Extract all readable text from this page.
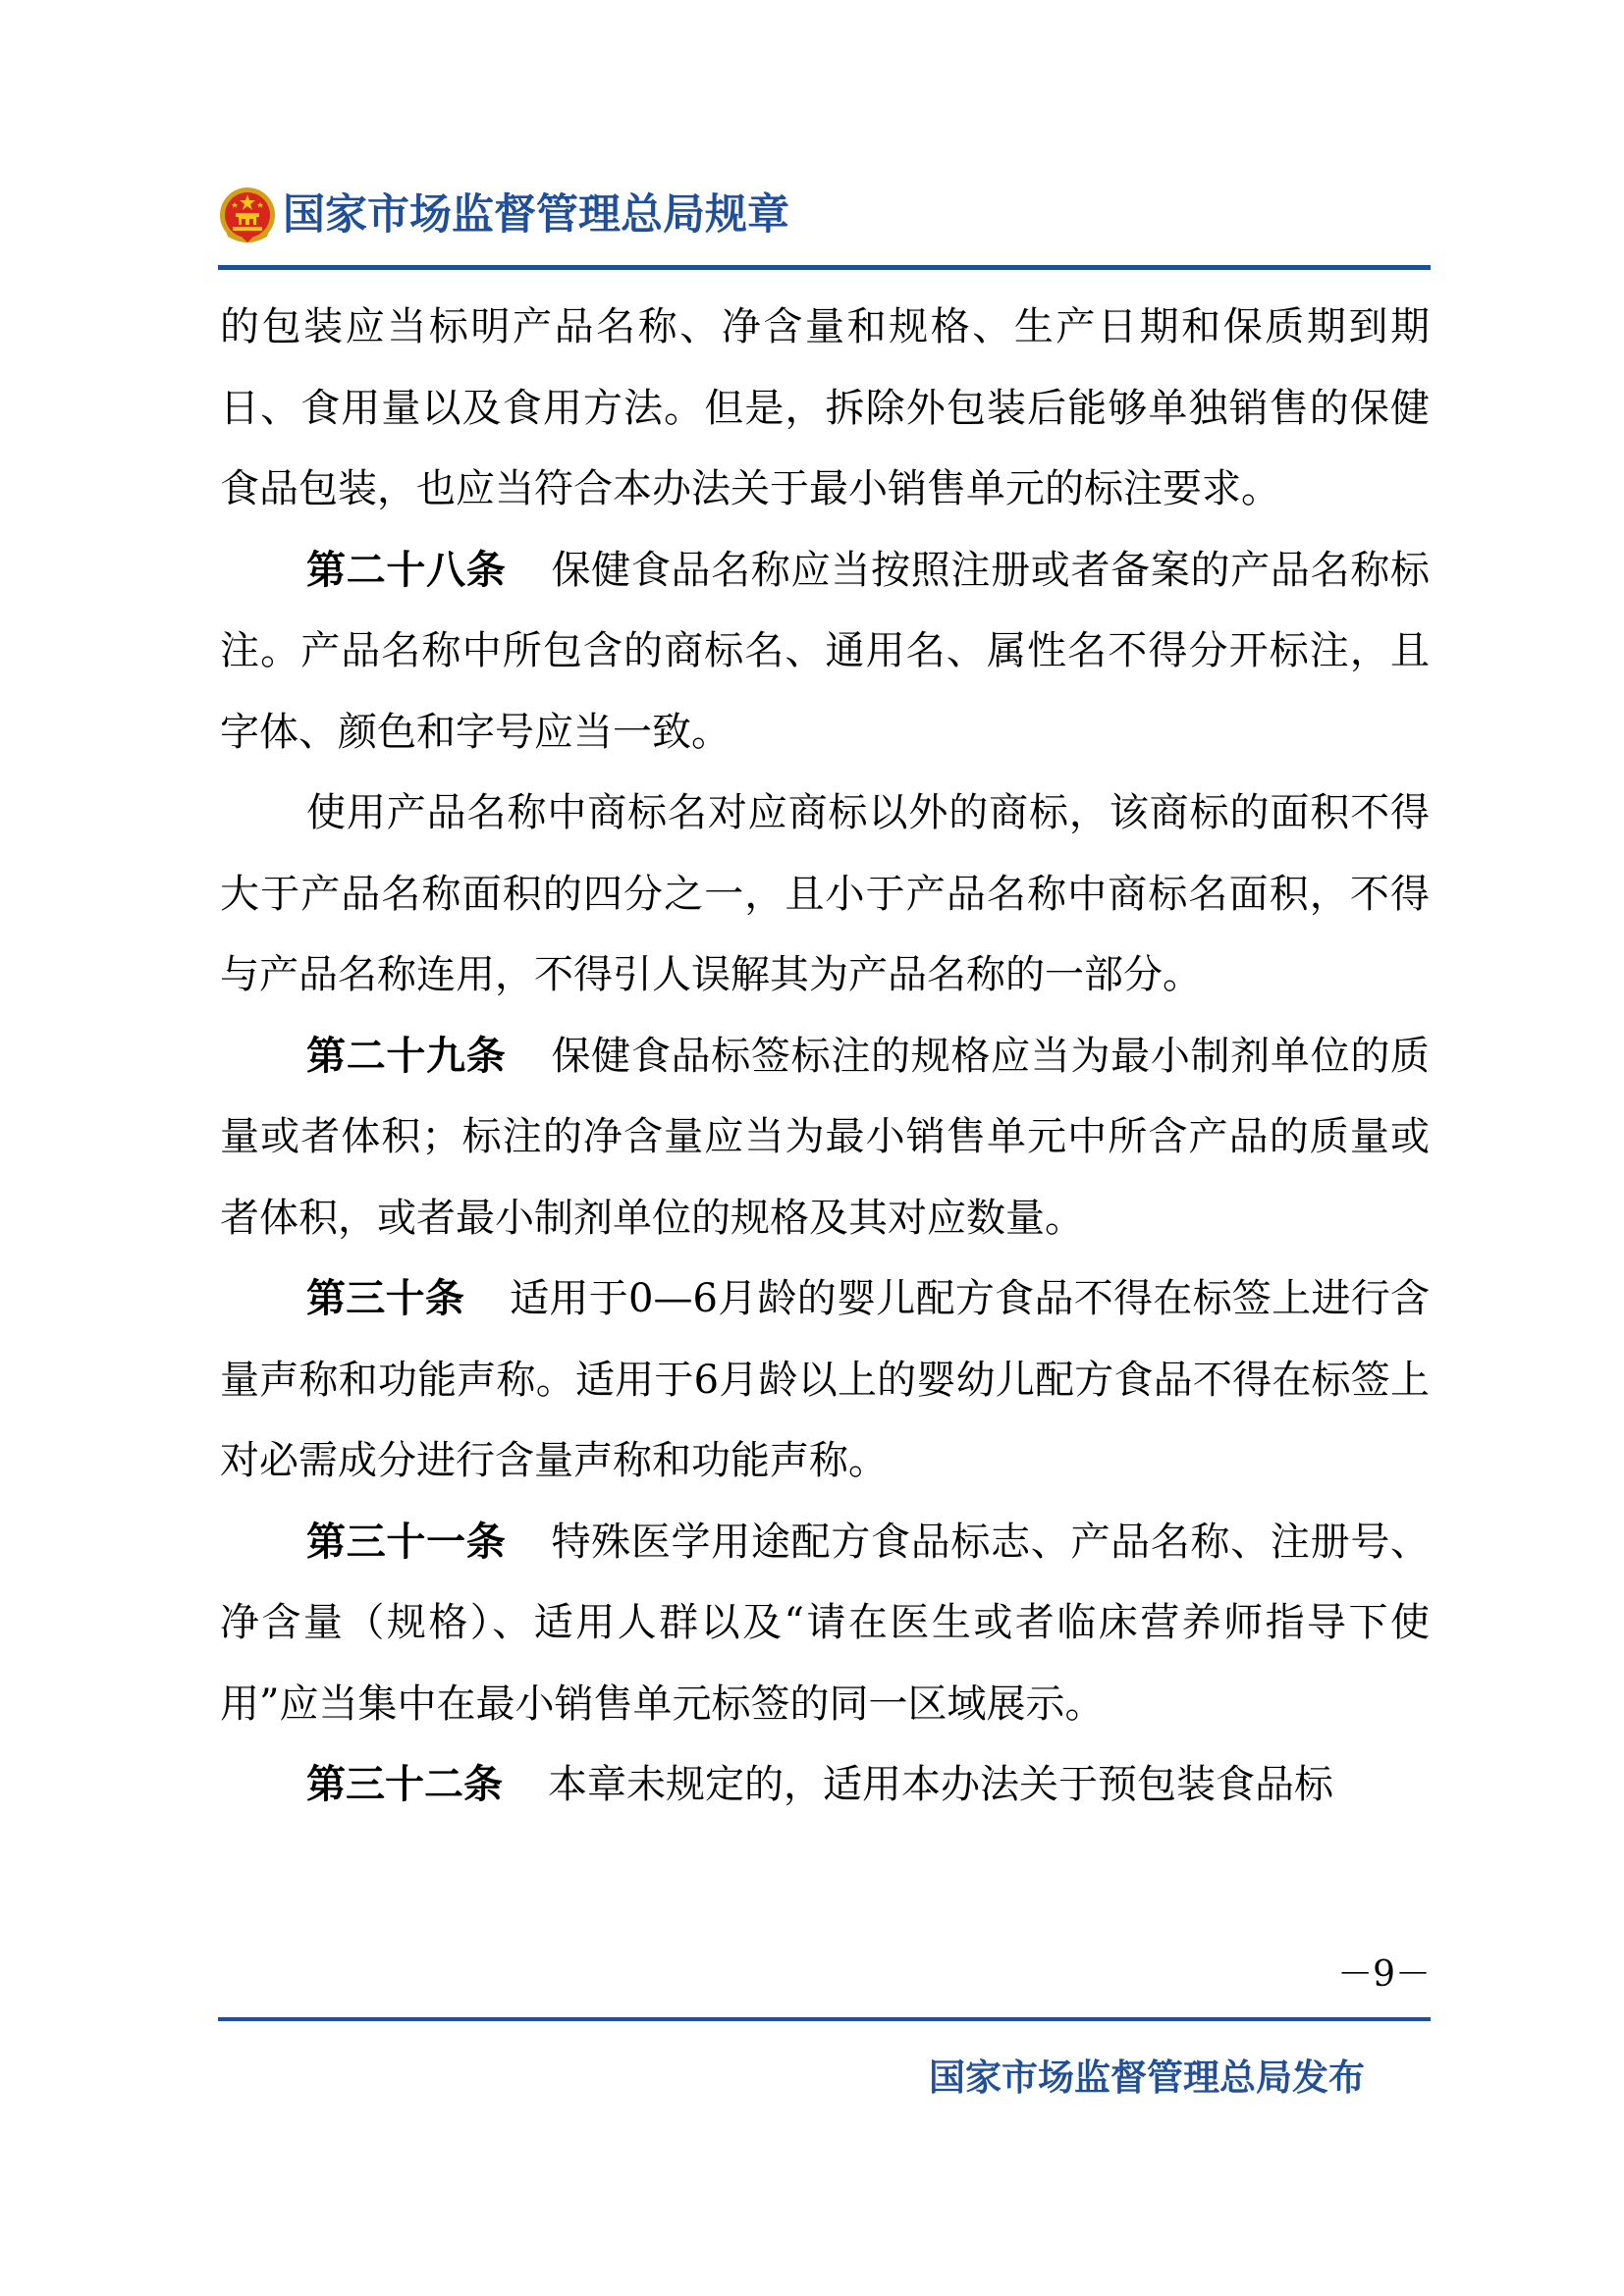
国家市场监督管理总局规章

的包装应当标明产品名称、净含量和规格、生产日期和保质期到期日、食用量以及食用方法。但是，拆除外包装后能够单独销售的保健食品包装，也应当符合本办法关于最小销售单元的标注要求。

第二十八条 保健食品名称应当按照注册或者备案的产品名称标注。产品名称中所包含的商标名、通用名、属性名不得分开标注，且字体、颜色和字号应当一致。

使用产品名称中商标名对应商标以外的商标，该商标的面积不得大于产品名称面积的四分之一，且小于产品名称中商标名面积，不得与产品名称连用，不得引人误解其为产品名称的一部分。

第二十九条 保健食品标签标注的规格应当为最小制剂单位的质量或者体积；标注的净含量应当为最小销售单元中所含产品的质量或者体积，或者最小制剂单位的规格及其对应数量。

第三十条 适用于0—6月龄的婴儿配方食品不得在标签上进行含量声称和功能声称。适用于6月龄以上的婴幼儿配方食品不得在标签上对必需成分进行含量声称和功能声称。

第三十一条 特殊医学用途配方食品标志、产品名称、注册号、净含量（规格）、适用人群以及“请在医生或者临床营养师指导下使用”应当集中在最小销售单元标签的同一区域展示。

第三十二条 本章未规定的，适用本办法关于预包装食品标

－9－
国家市场监督管理总局发布
